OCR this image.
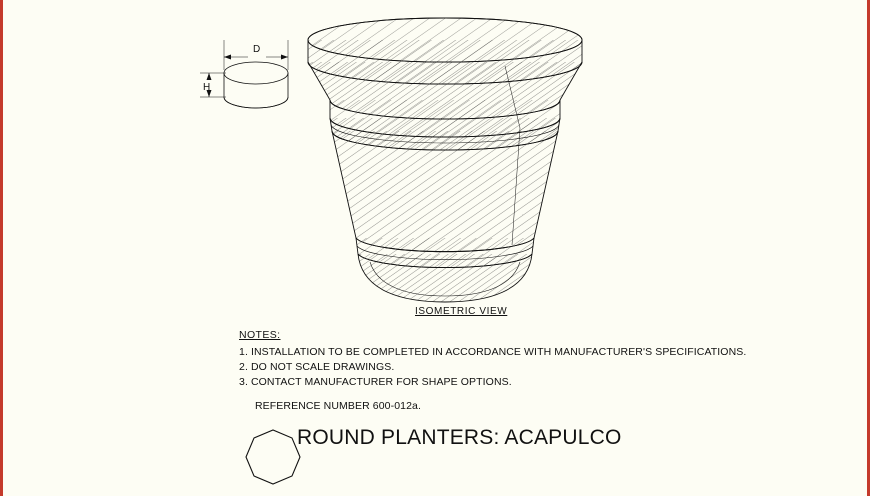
D
H
ISOMETRIC VIEW
NOTES:
1. INSTALLATION TO BE COMPLETED IN ACCORDANCE WITH MANUFACTURER'S SPECIFICATIONS.
2. DO NOT SCALE DRAWINGS.
3. CONTACT MANUFACTURER FOR SHAPE OPTIONS.
REFERENCE NUMBER 600-012a.
ROUND PLANTERS: ACAPULCO
